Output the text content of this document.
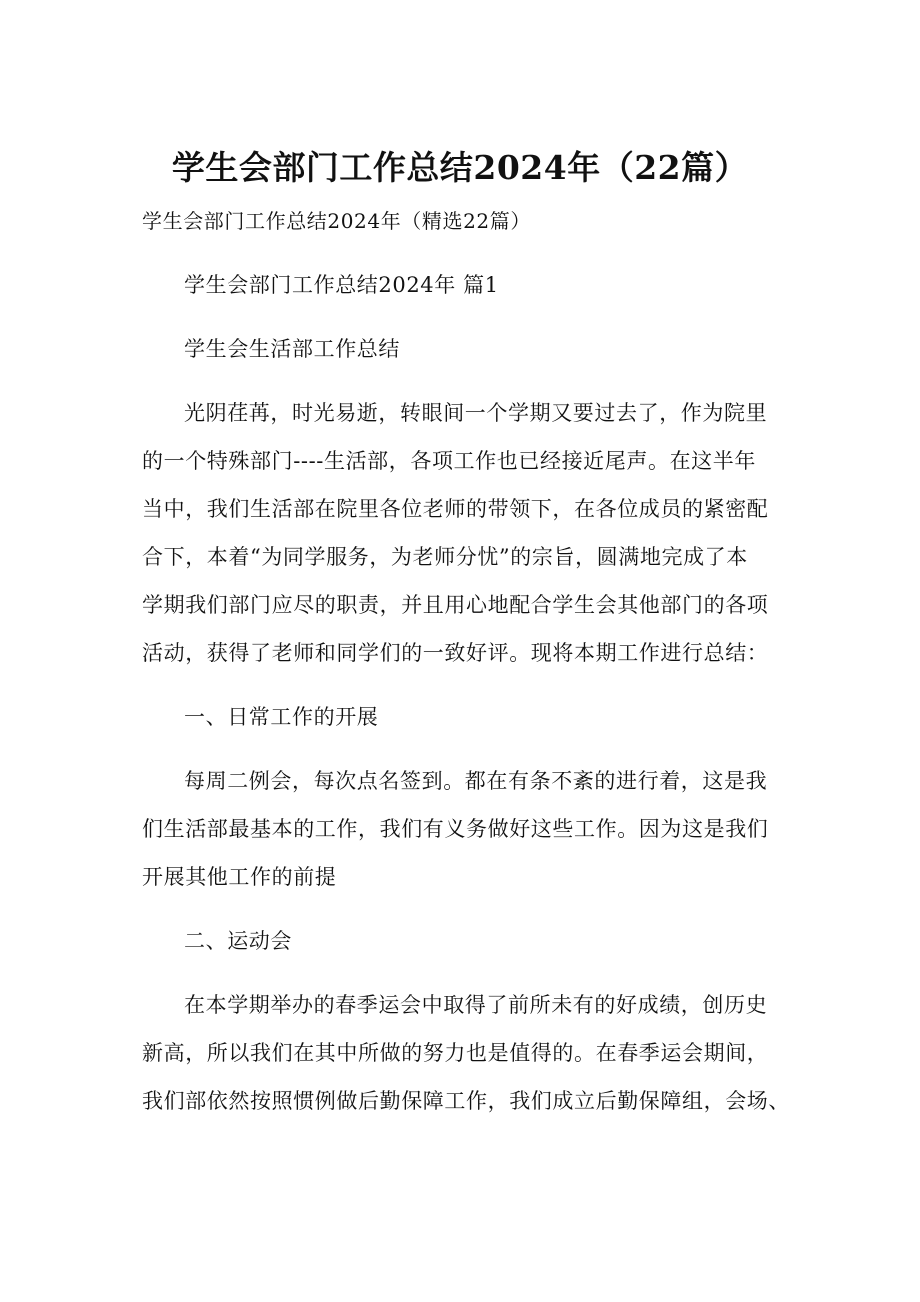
学生会部门工作总结2024年（22篇）
学生会部门工作总结2024年（精选22篇）
学生会部门工作总结2024年 篇1
学生会生活部工作总结
光阴荏苒，时光易逝，转眼间一个学期又要过去了，作为院里
的一个特殊部门----生活部，各项工作也已经接近尾声。在这半年
当中，我们生活部在院里各位老师的带领下，在各位成员的紧密配
合下，本着“为同学服务，为老师分忧”的宗旨，圆满地完成了本
学期我们部门应尽的职责，并且用心地配合学生会其他部门的各项
活动，获得了老师和同学们的一致好评。现将本期工作进行总结：
一、日常工作的开展
每周二例会，每次点名签到。都在有条不紊的进行着，这是我
们生活部最基本的工作，我们有义务做好这些工作。因为这是我们
开展其他工作的前提
二、运动会
在本学期举办的春季运会中取得了前所未有的好成绩，创历史
新高，所以我们在其中所做的努力也是值得的。在春季运会期间，
我们部依然按照惯例做后勤保障工作，我们成立后勤保障组，会场、
